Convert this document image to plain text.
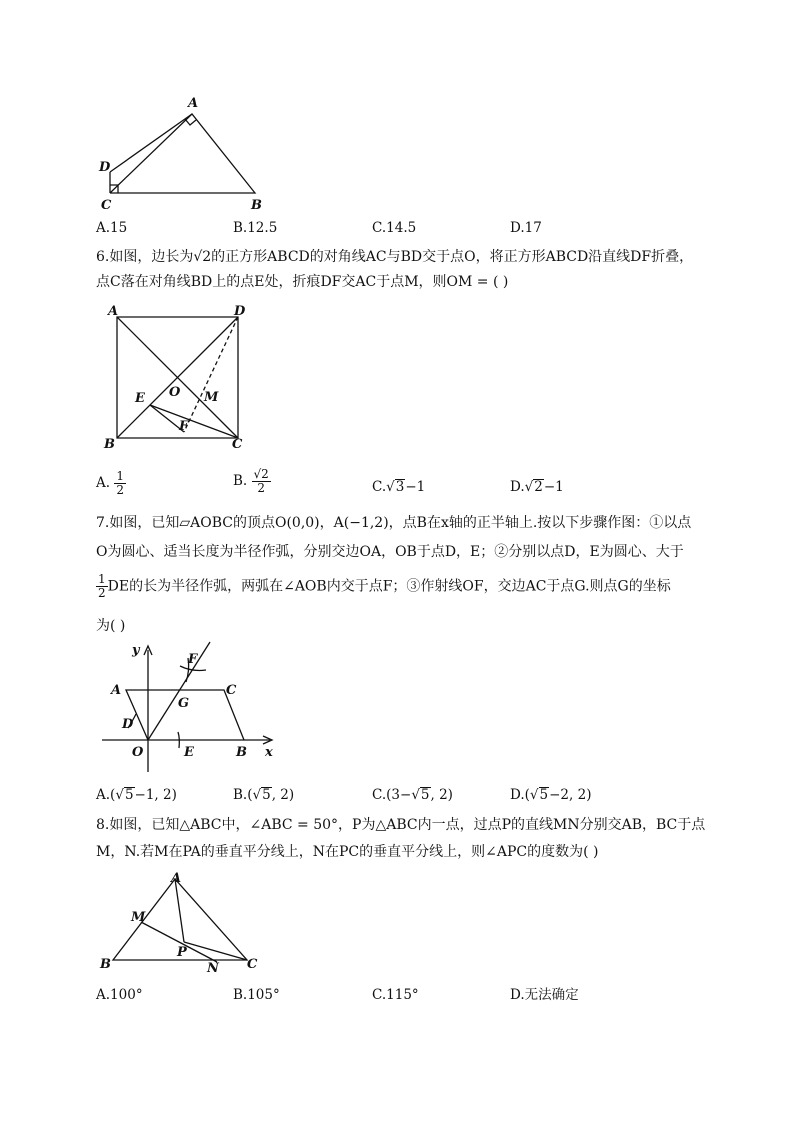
A
D
C	B
A.15	B.12.5	C.14.5	D.17
6.如图，边长为√2的正方形ABCD的对角线AC与BD交于点O，将正方形ABCD沿直线DF折叠，
点C落在对角线BD上的点E处，折痕DF交AC于点M，则OM = ( )
A	D
B	C
O M
E
F
A. $\frac{1}{2}$	B. $\frac{√2}{2}$	C.√3−1	D.√2−1
7.如图，已知▱AOBC的顶点O(0,0)，A(−1,2)，点B在x轴的正半轴上.按以下步骤作图：①以点
O为圆心、适当长度为半径作弧，分别交边OA，OB于点D，E；②分别以点D，E为圆心、大于
$\frac{1}{2}$ DE的长为半径作弧，两弧在∠AOB内交于点F；③作射线OF，交边AC于点G.则点G的坐标
为( )
y
x
A	C
D
F
G
O	E	B
A.(√5−1, 2)	B.(√5, 2)	C.(3−√5, 2)	D.(√5−2, 2)
8.如图，已知△ABC中，∠ABC = 50°，P为△ABC内一点，过点P的直线MN分别交AB，BC于点
M，N.若M在PA的垂直平分线上，N在PC的垂直平分线上，则∠APC的度数为( )
A
M
P
N
B	C
A.100°	B.105°	C.115°	D.无法确定
